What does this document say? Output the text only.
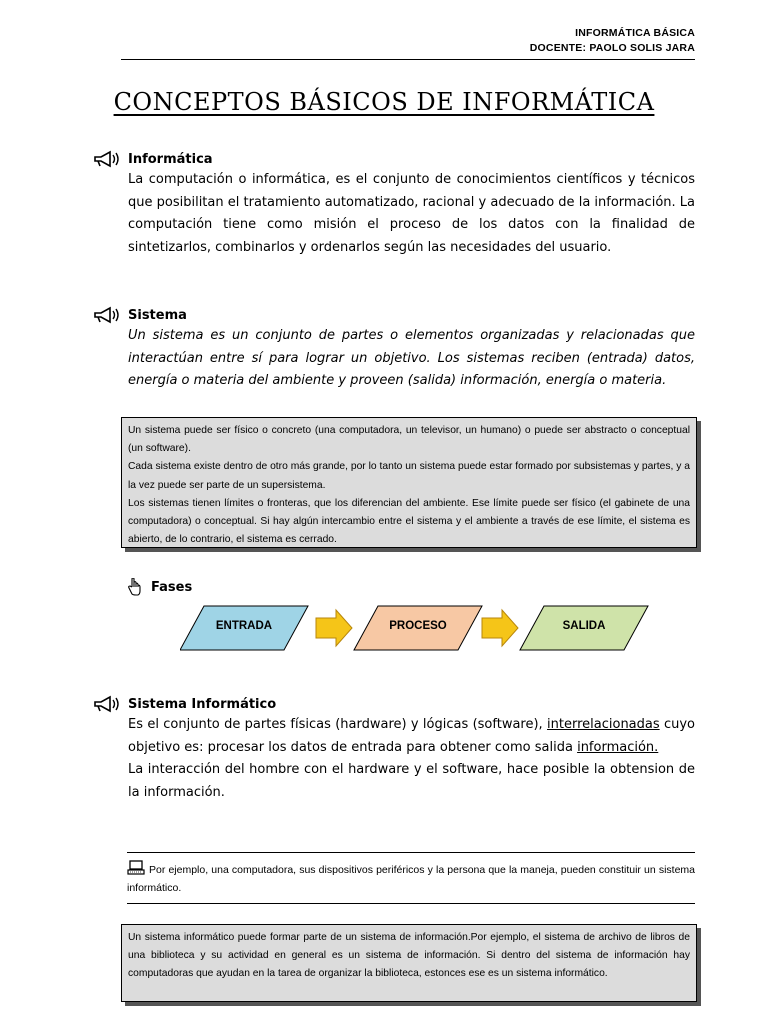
INFORMÁTICA BÁSICA
DOCENTE: PAOLO SOLIS JARA
CONCEPTOS BÁSICOS DE INFORMÁTICA
Informática

La computación o informática, es el conjunto de conocimientos científicos y técnicos que posibilitan el tratamiento automatizado, racional y adecuado de la información. La computación tiene como misión el proceso de los datos con la finalidad de sintetizarlos, combinarlos y ordenarlos según las necesidades del usuario.

Sistema

Un sistema es un conjunto de partes o elementos organizadas y relacionadas que interactúan entre sí para lograr un objetivo. Los sistemas reciben (entrada) datos, energía o materia del ambiente y proveen (salida) información, energía o materia.

Un sistema puede ser físico o concreto (una computadora, un televisor, un humano) o puede ser abstracto o conceptual (un software).

Cada sistema existe dentro de otro más grande, por lo tanto un sistema puede estar formado por subsistemas y partes, y a la vez puede ser parte de un supersistema.

Los sistemas tienen límites o fronteras, que los diferencian del ambiente. Ese límite puede ser físico (el gabinete de una computadora) o conceptual. Si hay algún intercambio entre el sistema y el ambiente a través de ese límite, el sistema es abierto, de lo contrario, el sistema es cerrado.

Fases
ENTRADA	PROCESO	SALIDA
Sistema Informático

Es el conjunto de partes físicas (hardware) y lógicas (software), interrelacionadas cuyo objetivo es: procesar los datos de entrada para obtener como salida información.

La interacción del hombre con el hardware y el software, hace posible la obtension de la información.

Por ejemplo, una computadora, sus dispositivos periféricos y la persona que la maneja, pueden constituir un sistema informático.

Un sistema informático puede formar parte de un sistema de información.Por ejemplo, el sistema de archivo de libros de una biblioteca y su actividad en general es un sistema de información. Si dentro del sistema de información hay computadoras que ayudan en la tarea de organizar la biblioteca, estonces ese es un sistema informático.
